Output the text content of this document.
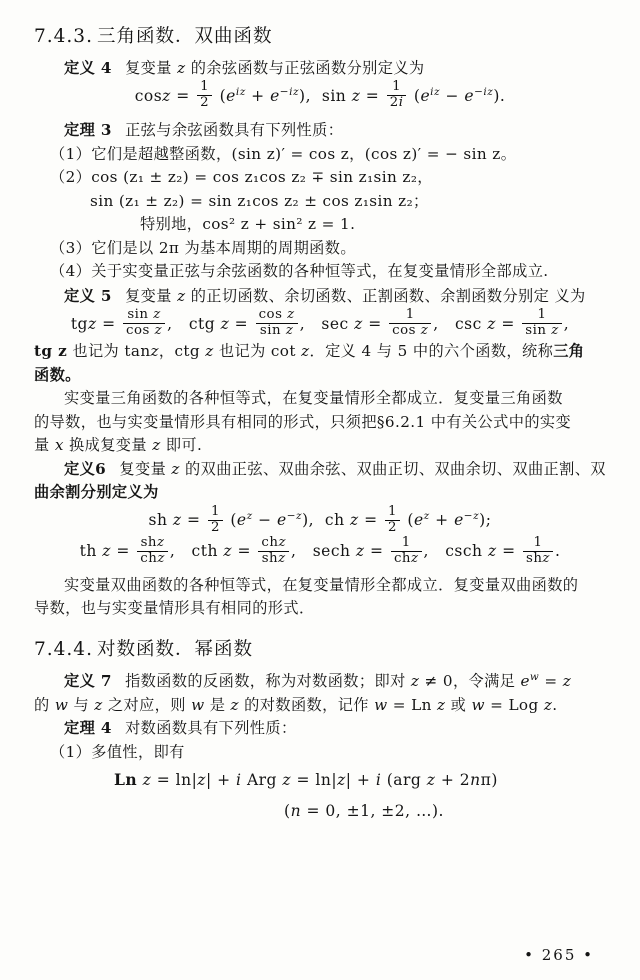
7.4.3. 三角函数．双曲函数
定义 4 复变量 z 的余弦函数与正弦函数分别定义为
$\cos z = \frac{1}{2} (e^{iz} + e^{-iz})$,  $\sin z = \frac{1}{2i} (e^{iz} - e^{-iz})$.
定理 3 正弦与余弦函数具有下列性质：
（1）它们是超越整函数，(sin z)′ = cos z，(cos z)′ = − sin z。
（2）cos (z₁ ± z₂) = cos z₁cos z₂ ∓ sin z₁sin z₂，
sin (z₁ ± z₂) = sin z₁cos z₂ ± cos z₁sin z₂；
特别地，cos² z + sin² z = 1.
（3）它们是以 2π 为基本周期的周期函数。
（4）关于实变量正弦与余弦函数的各种恒等式，在复变量情形全部成立.
定义 5 复变量 z 的正切函数、余切函数、正割函数、余割函数分别定 义为
tgz = $\frac{\text{sin z}}{\text{cos z}}$ ,   ctg $z = \frac{\text{cos z}}{\text{sin z}}$ ,   $\sec z = \frac{1}{\text{cos z}}$ ,   $\csc z = \frac{1}{\text{sin z}}$ ,
tg z 也记为 tanz，ctg z 也记为 cot z．定义 4 与 5 中的六个函数，统称三角
函数。
实变量三角函数的各种恒等式，在复变量情形全都成立．复变量三角函数
的导数，也与实变量情形具有相同的形式，只须把§6.2.1 中有关公式中的实变
量 x 换成复变量 z 即可.
定义6 复变量 z 的双曲正弦、双曲余弦、双曲正切、双曲余切、双曲正割、双
曲余割分别定义为
sh $z = \frac{1}{2} (e^z - e^{-z})$,  ch $z = \frac{1}{2} (e^z + e^{-z})$;
th $z = \frac{\text{shz}}{\text{chz}}$ ,   cth $z = \frac{\text{chz}}{\text{shz}}$ ,   sech $z = \frac{1}{\text{chz}}$ ,   csch $z = \frac{1}{\text{shz}}$ .
实变量双曲函数的各种恒等式，在复变量情形全都成立．复变量双曲函数的
导数，也与实变量情形具有相同的形式．
7.4.4. 对数函数．幂函数
定义 7 指数函数的反函数，称为对数函数；即对 z ≠ 0，令满足 $e^w = z$
的 w 与 z 之对应，则 w 是 z 的对数函数，记作 w = Ln z 或 w = Log z.
定理 4 对数函数具有下列性质：
（1）多值性，即有
Ln z = ln|z| + i Arg z = ln|z| + i (arg z + 2nπ)
(n = 0, ±1, ±2, …).
• 265 •
